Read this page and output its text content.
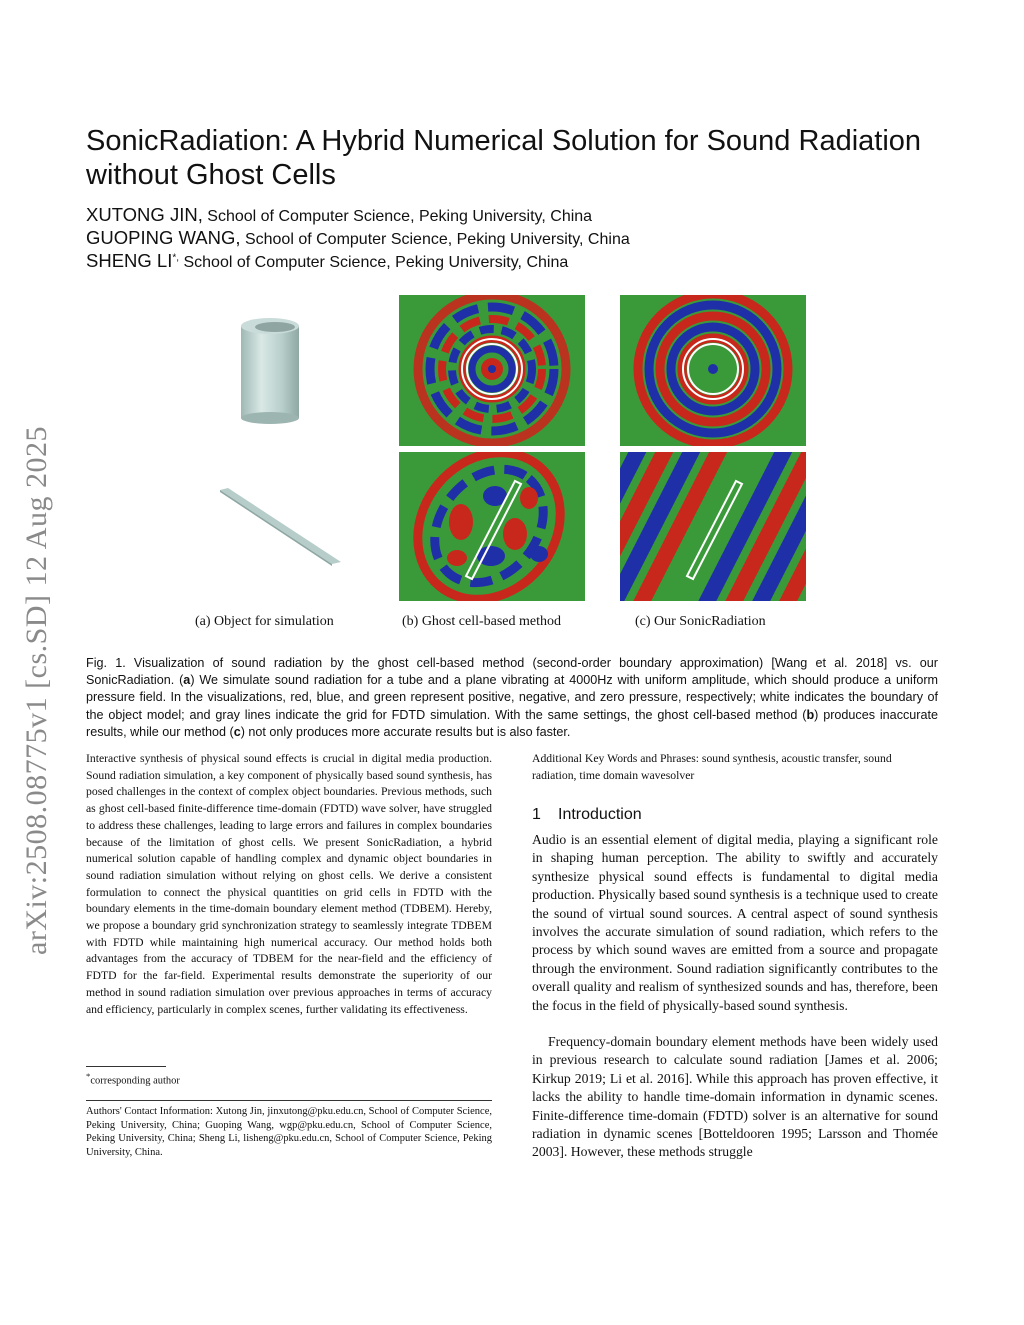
arXiv:2508.08775v1 [cs.SD] 12 Aug 2025
SonicRadiation: A Hybrid Numerical Solution for Sound Radiation without Ghost Cells
XUTONG JIN, School of Computer Science, Peking University, China
GUOPING WANG, School of Computer Science, Peking University, China
SHENG LI*, School of Computer Science, Peking University, China
(a) Object for simulation	(b) Ghost cell-based method	(c) Our SonicRadiation
Fig. 1. Visualization of sound radiation by the ghost cell-based method (second-order boundary approximation) [Wang et al. 2018] vs. our SonicRadiation. (a) We simulate sound radiation for a tube and a plane vibrating at 4000Hz with uniform amplitude, which should produce a uniform pressure field. In the visualizations, red, blue, and green represent positive, negative, and zero pressure, respectively; white indicates the boundary of the object model; and gray lines indicate the grid for FDTD simulation. With the same settings, the ghost cell-based method (b) produces inaccurate results, while our method (c) not only produces more accurate results but is also faster.

Interactive synthesis of physical sound effects is crucial in digital media production. Sound radiation simulation, a key component of physically based sound synthesis, has posed challenges in the context of complex object boundaries. Previous methods, such as ghost cell-based finite-difference time-domain (FDTD) wave solver, have struggled to address these challenges, leading to large errors and failures in complex boundaries because of the limitation of ghost cells. We present SonicRadiation, a hybrid numerical solution capable of handling complex and dynamic object boundaries in sound radiation simulation without relying on ghost cells. We derive a consistent formulation to connect the physical quantities on grid cells in FDTD with the boundary elements in the time-domain boundary element method (TDBEM). Hereby, we propose a boundary grid synchronization strategy to seamlessly integrate TDBEM with FDTD while maintaining high numerical accuracy. Our method holds both advantages from the accuracy of TDBEM for the near-field and the efficiency of FDTD for the far-field. Experimental results demonstrate the superiority of our method in sound radiation simulation over previous approaches in terms of accuracy and efficiency, particularly in complex scenes, further validating its effectiveness.

*corresponding author

Authors' Contact Information: Xutong Jin, jinxutong@pku.edu.cn, School of Computer Science, Peking University, China; Guoping Wang, wgp@pku.edu.cn, School of Computer Science, Peking University, China; Sheng Li, lisheng@pku.edu.cn, School of Computer Science, Peking University, China.

Additional Key Words and Phrases: sound synthesis, acoustic transfer, sound radiation, time domain wavesolver

1 Introduction

Audio is an essential element of digital media, playing a significant role in shaping human perception. The ability to swiftly and accurately synthesize physical sound effects is fundamental to digital media production. Physically based sound synthesis is a technique used to create the sound of virtual sound sources. A central aspect of sound synthesis involves the accurate simulation of sound radiation, which refers to the process by which sound waves are emitted from a source and propagate through the environment. Sound radiation significantly contributes to the overall quality and realism of synthesized sounds and has, therefore, been the focus in the field of physically-based sound synthesis.

Frequency-domain boundary element methods have been widely used in previous research to calculate sound radiation [James et al. 2006; Kirkup 2019; Li et al. 2016]. While this approach has proven effective, it lacks the ability to handle time-domain information in dynamic scenes. Finite-difference time-domain (FDTD) solver is an alternative for sound radiation in dynamic scenes [Botteldooren 1995; Larsson and Thomée 2003]. However, these methods struggle
